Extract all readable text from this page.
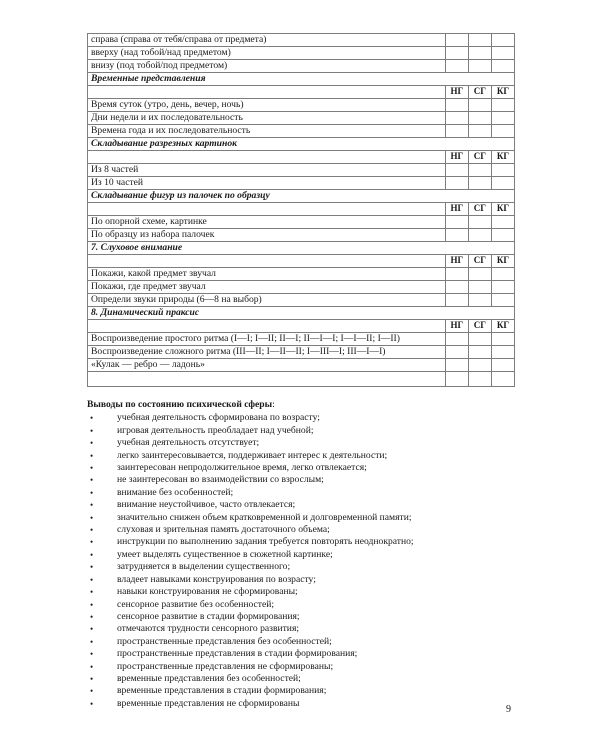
справа (справа от тебя/справа от предмета)			
вверху (над тобой/над предметом)			
внизу (под тобой/под предметом)			
Временные представления			
	НГ	СГ	КГ
Время суток (утро, день, вечер, ночь)			
Дни недели и их последовательность			
Времена года и их последовательность			
Складывание разрезных картинок			
	НГ	СГ	КГ
Из 8 частей			
Из 10 частей			
Складывание фигур из палочек по образцу			
	НГ	СГ	КГ
По опорной схеме, картинке			
По образцу из набора палочек			
7. Слуховое внимание			
	НГ	СГ	КГ
Покажи, какой предмет звучал			
Покажи, где предмет звучал			
Определи звуки природы (6—8 на выбор)			
8. Динамический праксис			
	НГ	СГ	КГ
Воспроизведение простого ритма (I—I; I—II; II—I; II—I—I; I—I—II; I—II)			
Воспроизведение сложного ритма (III—II; I—II—II; I—III—I; III—I—I)			
«Кулак — ребро — ладонь»			

Выводы по состоянию психической сферы:
• учебная деятельность сформирована по возрасту;
• игровая деятельность преобладает над учебной;
• учебная деятельность отсутствует;
• легко заинтересовывается, поддерживает интерес к деятельности;
• заинтересован непродолжительное время, легко отвлекается;
• не заинтересован во взаимодействии со взрослым;
• внимание без особенностей;
• внимание неустойчивое, часто отвлекается;
• значительно снижен объем кратковременной и долговременной памяти;
• слуховая и зрительная память достаточного объема;
• инструкции по выполнению задания требуется повторять неоднократно;
• умеет выделять существенное в сюжетной картинке;
• затрудняется в выделении существенного;
• владеет навыками конструирования по возрасту;
• навыки конструирования не сформированы;
• сенсорное развитие без особенностей;
• сенсорное развитие в стадии формирования;
• отмечаются трудности сенсорного развития;
• пространственные представления без особенностей;
• пространственные представления в стадии формирования;
• пространственные представления не сформированы;
• временные представления без особенностей;
• временные представления в стадии формирования;
• временные представления не сформированы
9
